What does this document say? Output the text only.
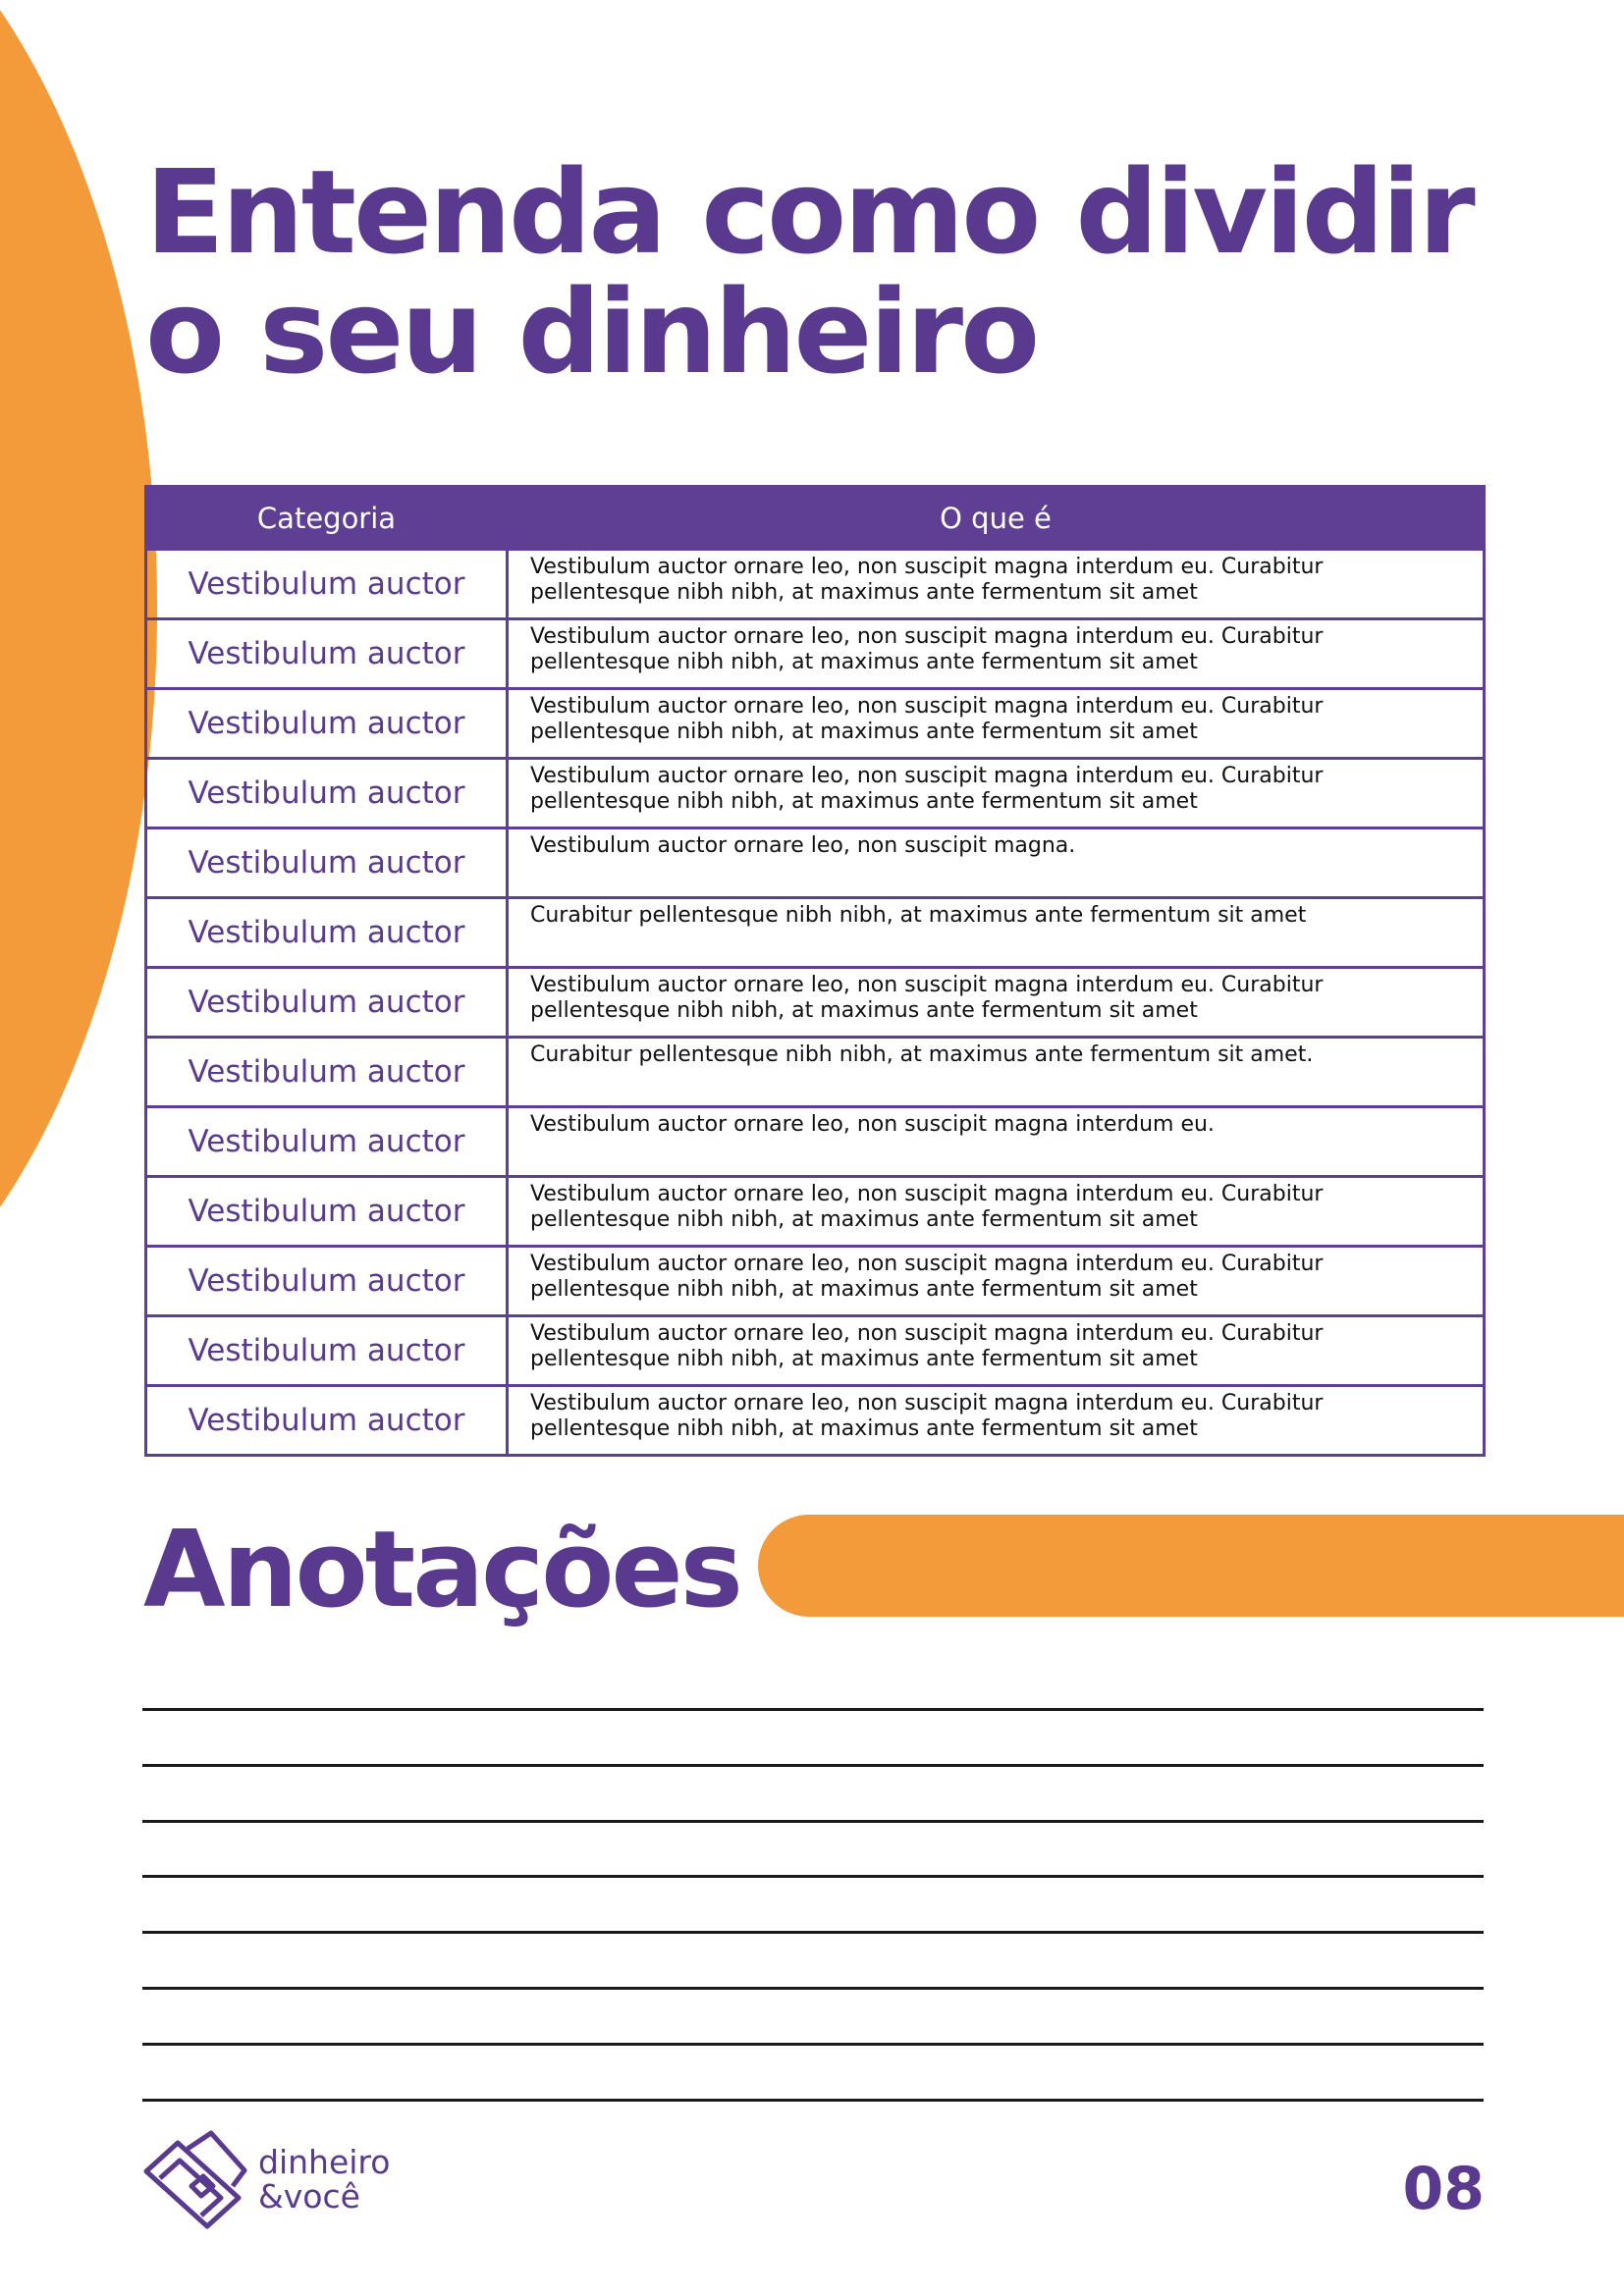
Entenda como dividir
o seu dinheiro
Categoria	O que é
Vestibulum auctor	Vestibulum auctor ornare leo, non suscipit magna interdum eu. Curabitur pellentesque nibh nibh, at maximus ante fermentum sit amet
Vestibulum auctor	Vestibulum auctor ornare leo, non suscipit magna interdum eu. Curabitur pellentesque nibh nibh, at maximus ante fermentum sit amet
Vestibulum auctor	Vestibulum auctor ornare leo, non suscipit magna interdum eu. Curabitur pellentesque nibh nibh, at maximus ante fermentum sit amet
Vestibulum auctor	Vestibulum auctor ornare leo, non suscipit magna interdum eu. Curabitur pellentesque nibh nibh, at maximus ante fermentum sit amet
Vestibulum auctor	Vestibulum auctor ornare leo, non suscipit magna.
Vestibulum auctor	Curabitur pellentesque nibh nibh, at maximus ante fermentum sit amet
Vestibulum auctor	Vestibulum auctor ornare leo, non suscipit magna interdum eu. Curabitur pellentesque nibh nibh, at maximus ante fermentum sit amet
Vestibulum auctor	Curabitur pellentesque nibh nibh, at maximus ante fermentum sit amet.
Vestibulum auctor	Vestibulum auctor ornare leo, non suscipit magna interdum eu.
Vestibulum auctor	Vestibulum auctor ornare leo, non suscipit magna interdum eu. Curabitur pellentesque nibh nibh, at maximus ante fermentum sit amet
Vestibulum auctor	Vestibulum auctor ornare leo, non suscipit magna interdum eu. Curabitur pellentesque nibh nibh, at maximus ante fermentum sit amet
Vestibulum auctor	Vestibulum auctor ornare leo, non suscipit magna interdum eu. Curabitur pellentesque nibh nibh, at maximus ante fermentum sit amet
Vestibulum auctor	Vestibulum auctor ornare leo, non suscipit magna interdum eu. Curabitur pellentesque nibh nibh, at maximus ante fermentum sit amet
Anotações
dinheiro
&você	08
